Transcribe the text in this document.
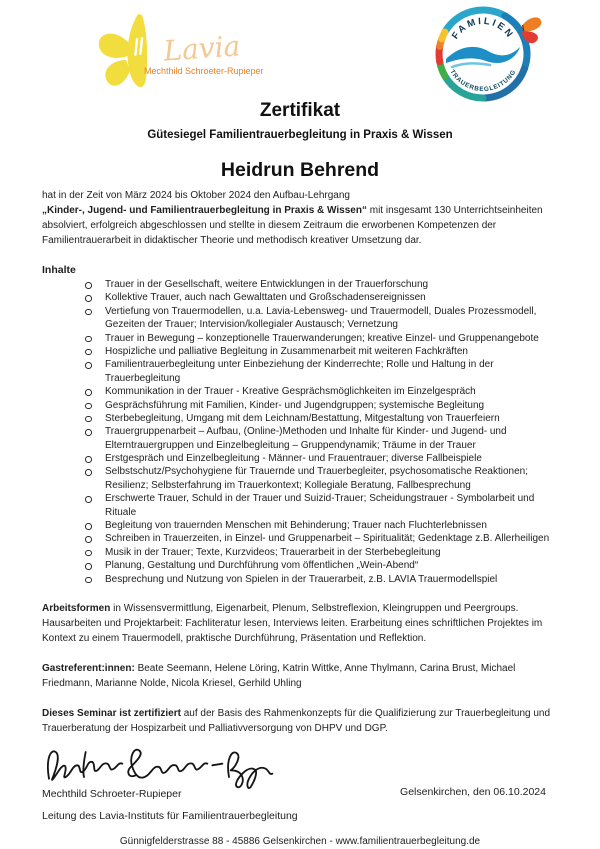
Lavia
Mechthild Schroeter-Rupieper
FAMILIEN
TRAUERBEGLEITUNG
Zertifikat
Gütesiegel Familientrauerbegleitung in Praxis & Wissen
Heidrun Behrend

hat in der Zeit von März 2024 bis Oktober 2024 den Aufbau-Lehrgang
„Kinder-, Jugend- und Familientrauerbegleitung in Praxis & Wissen“ mit insgesamt 130 Unterrichtseinheiten absolviert, erfolgreich abgeschlossen und stellte in diesem Zeitraum die erworbenen Kompetenzen der Familientrauerarbeit in didaktischer Theorie und methodisch kreativer Umsetzung dar.

Inhalte
Trauer in der Gesellschaft, weitere Entwicklungen in der Trauerforschung
Kollektive Trauer, auch nach Gewalttaten und Großschadensereignissen
Vertiefung von Trauermodellen, u.a. Lavia-Lebensweg- und Trauermodell, Duales Prozessmodell, Gezeiten der Trauer; Intervision/kollegialer Austausch; Vernetzung
Trauer in Bewegung – konzeptionelle Trauerwanderungen; kreative Einzel- und Gruppenangebote
Hospizliche und palliative Begleitung in Zusammenarbeit mit weiteren Fachkräften
Familientrauerbegleitung unter Einbeziehung der Kinderrechte; Rolle und Haltung in der Trauerbegleitung
Kommunikation in der Trauer - Kreative Gesprächsmöglichkeiten im Einzelgespräch
Gesprächsführung mit Familien, Kinder- und Jugendgruppen; systemische Begleitung
Sterbebegleitung, Umgang mit dem Leichnam/Bestattung, Mitgestaltung von Trauerfeiern
Trauergruppenarbeit – Aufbau, (Online-)Methoden und Inhalte für Kinder- und Jugend- und Elterntrauergruppen und Einzelbegleitung – Gruppendynamik; Träume in der Trauer
Erstgespräch und Einzelbegleitung - Männer- und Frauentrauer; diverse Fallbeispiele
Selbstschutz/Psychohygiene für Trauernde und Trauerbegleiter, psychosomatische Reaktionen; Resilienz; Selbsterfahrung im Trauerkontext; Kollegiale Beratung, Fallbesprechung
Erschwerte Trauer, Schuld in der Trauer und Suizid-Trauer; Scheidungstrauer - Symbolarbeit und Rituale
Begleitung von trauernden Menschen mit Behinderung; Trauer nach Fluchterlebnissen
Schreiben in Trauerzeiten, in Einzel- und Gruppenarbeit – Spiritualität; Gedenktage z.B. Allerheiligen
Musik in der Trauer; Texte, Kurzvideos; Trauerarbeit in der Sterbebegleitung
Planung, Gestaltung und Durchführung vom öffentlichen „Wein-Abend“
Besprechung und Nutzung von Spielen in der Trauerarbeit, z.B. LAVIA Trauermodellspiel

Arbeitsformen in Wissensvermittlung, Eigenarbeit, Plenum, Selbstreflexion, Kleingruppen und Peergroups. Hausarbeiten und Projektarbeit: Fachliteratur lesen, Interviews leiten. Erarbeitung eines schriftlichen Projektes im Kontext zu einem Trauermodell, praktische Durchführung, Präsentation und Reflektion.

Gastreferent:innen: Beate Seemann, Helene Löring, Katrin Wittke, Anne Thylmann, Carina Brust, Michael Friedmann, Marianne Nolde, Nicola Kriesel, Gerhild Uhling

Dieses Seminar ist zertifiziert auf der Basis des Rahmenkonzepts für die Qualifizierung zur Trauerbegleitung und Trauerberatung der Hospizarbeit und Palliativversorgung von DHPV und DGP.

Mechthild Schroeter-Rupieper
Leitung des Lavia-Instituts für Familientrauerbegleitung
Gelsenkirchen, den 06.10.2024
Günnigfelderstrasse 88 - 45886 Gelsenkirchen - www.familientrauerbegleitung.de
